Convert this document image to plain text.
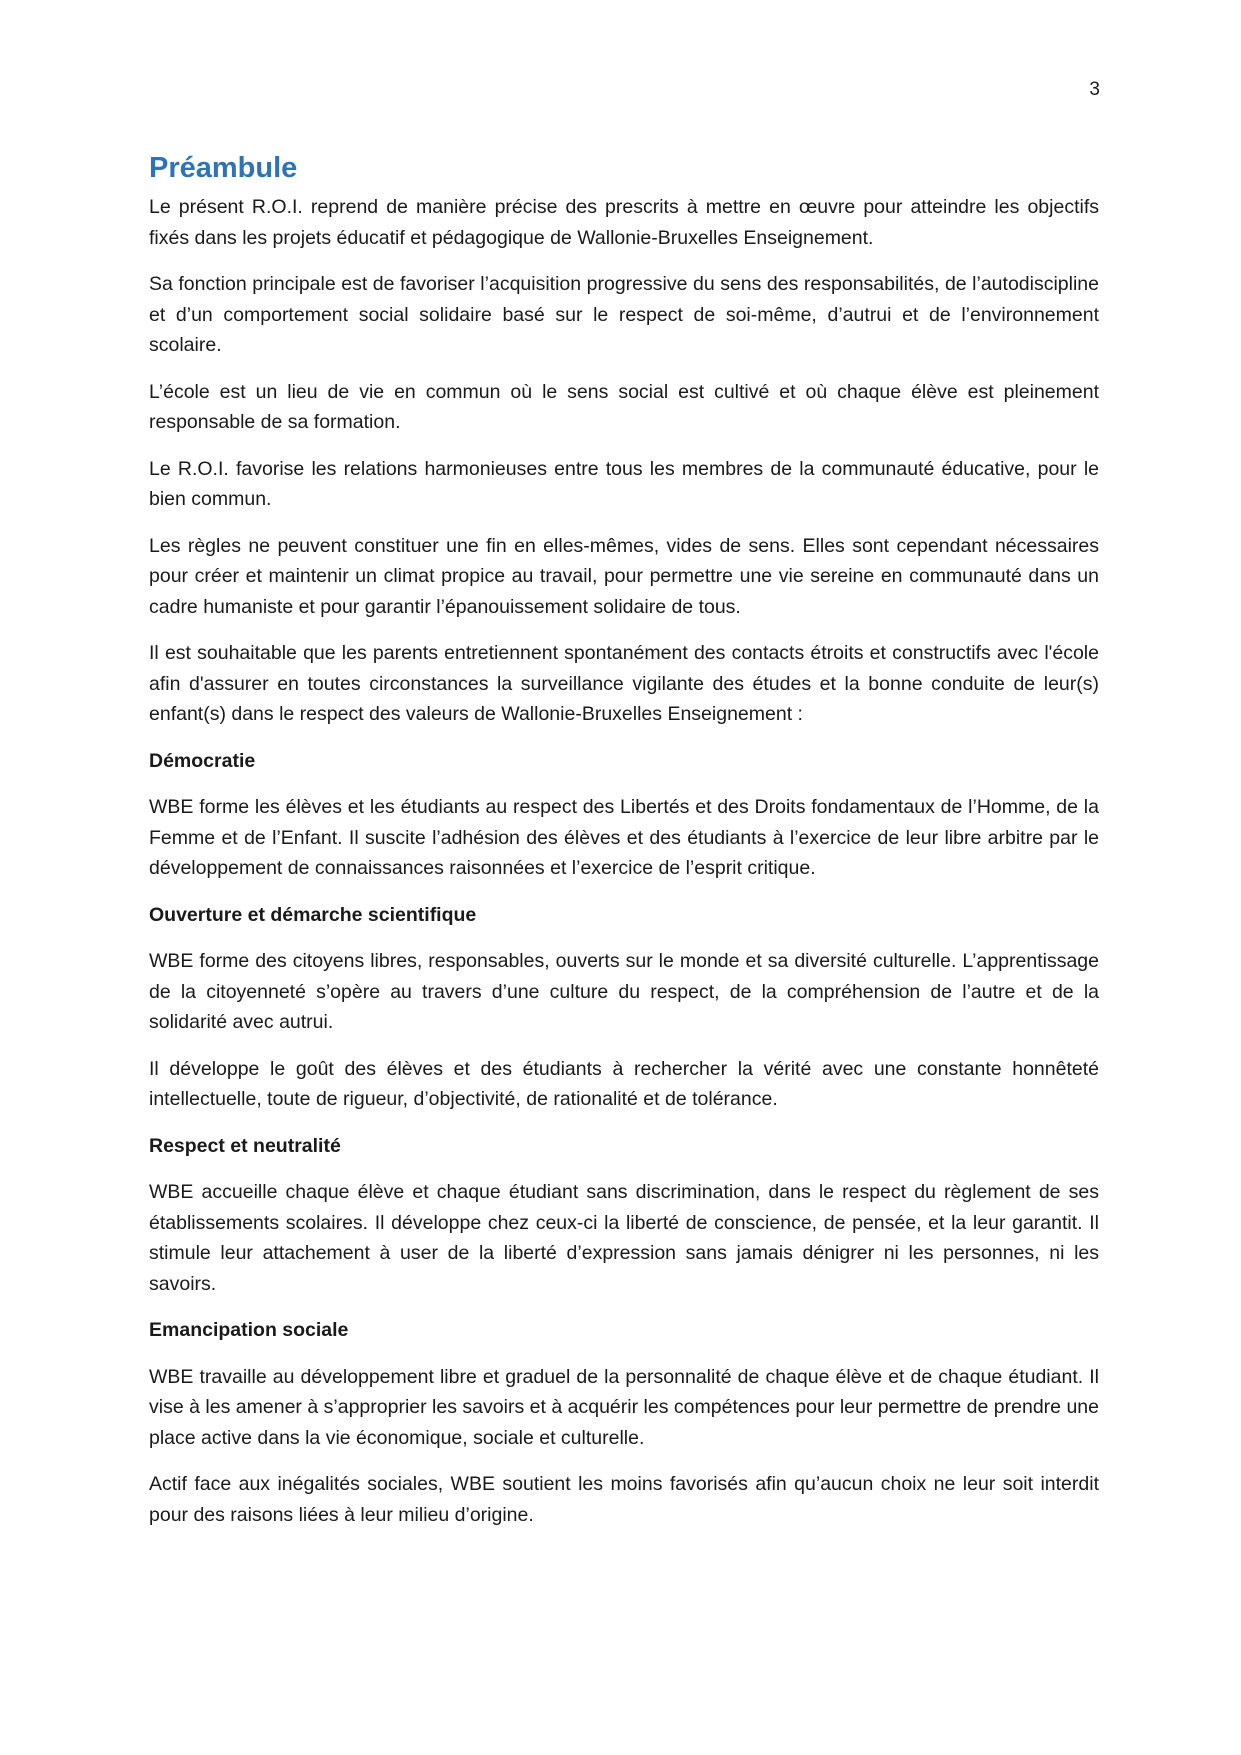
3
Préambule

Le présent R.O.I. reprend de manière précise des prescrits à mettre en œuvre pour atteindre les objectifs fixés dans les projets éducatif et pédagogique de Wallonie-Bruxelles Enseignement.

Sa fonction principale est de favoriser l’acquisition progressive du sens des responsabilités, de l’autodiscipline et d’un comportement social solidaire basé sur le respect de soi-même, d’autrui et de l’environnement scolaire.

L’école est un lieu de vie en commun où le sens social est cultivé et où chaque élève est pleinement responsable de sa formation.

Le R.O.I. favorise les relations harmonieuses entre tous les membres de la communauté éducative, pour le bien commun.

Les règles ne peuvent constituer une fin en elles-mêmes, vides de sens. Elles sont cependant nécessaires pour créer et maintenir un climat propice au travail, pour permettre une vie sereine en communauté dans un cadre humaniste et pour garantir l’épanouissement solidaire de tous.

Il est souhaitable que les parents entretiennent spontanément des contacts étroits et constructifs avec l'école afin d'assurer en toutes circonstances la surveillance vigilante des études et la bonne conduite de leur(s) enfant(s) dans le respect des valeurs de Wallonie-Bruxelles Enseignement :

Démocratie

WBE forme les élèves et les étudiants au respect des Libertés et des Droits fondamentaux de l’Homme, de la Femme et de l’Enfant. Il suscite l’adhésion des élèves et des étudiants à l’exercice de leur libre arbitre par le développement de connaissances raisonnées et l’exercice de l’esprit critique.

Ouverture et démarche scientifique

WBE forme des citoyens libres, responsables, ouverts sur le monde et sa diversité culturelle. L’apprentissage de la citoyenneté s’opère au travers d’une culture du respect, de la compréhension de l’autre et de la solidarité avec autrui.

Il développe le goût des élèves et des étudiants à rechercher la vérité avec une constante honnêteté intellectuelle, toute de rigueur, d’objectivité, de rationalité et de tolérance.

Respect et neutralité

WBE accueille chaque élève et chaque étudiant sans discrimination, dans le respect du règlement de ses établissements scolaires. Il développe chez ceux-ci la liberté de conscience, de pensée, et la leur garantit. Il stimule leur attachement à user de la liberté d’expression sans jamais dénigrer ni les personnes, ni les savoirs.

Emancipation sociale

WBE travaille au développement libre et graduel de la personnalité de chaque élève et de chaque étudiant. Il vise à les amener à s’approprier les savoirs et à acquérir les compétences pour leur permettre de prendre une place active dans la vie économique, sociale et culturelle.

Actif face aux inégalités sociales, WBE soutient les moins favorisés afin qu’aucun choix ne leur soit interdit pour des raisons liées à leur milieu d’origine.
